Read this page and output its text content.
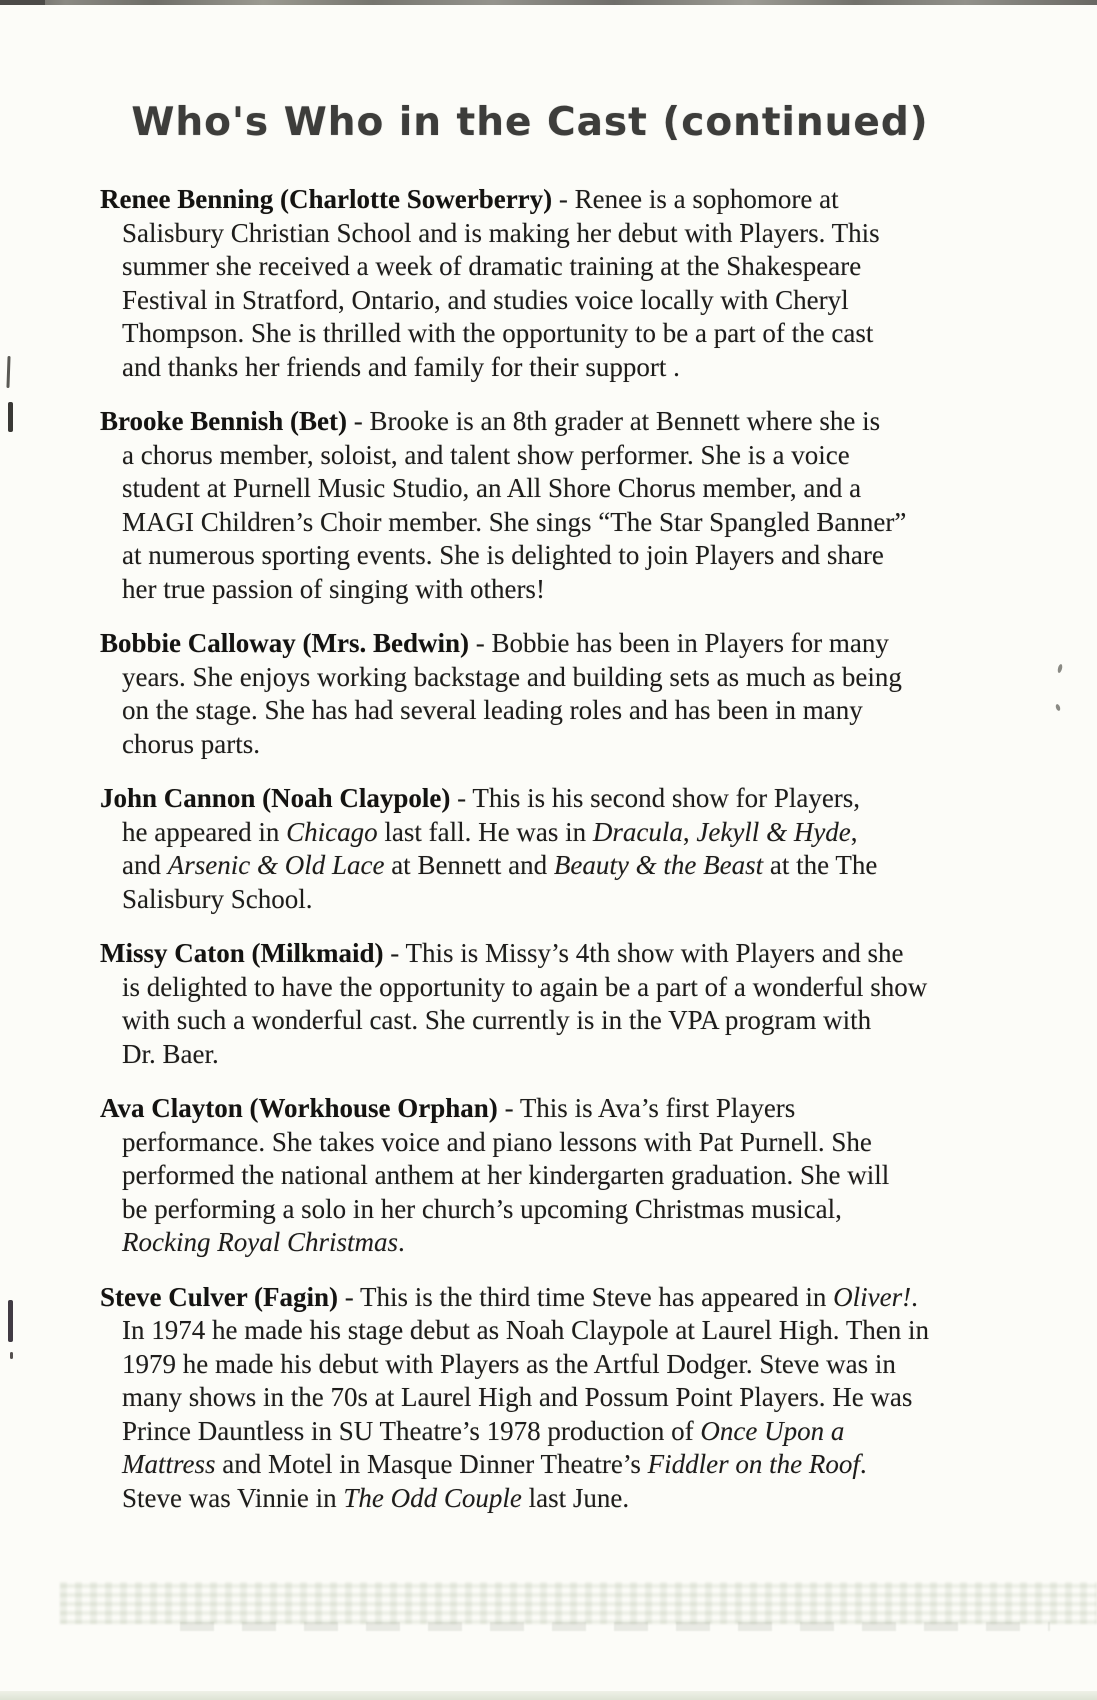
Who's Who in the Cast (continued)

Renee Benning (Charlotte Sowerberry) - Renee is a sophomore at
Salisbury Christian School and is making her debut with Players. This
summer she received a week of dramatic training at the Shakespeare
Festival in Stratford, Ontario, and studies voice locally with Cheryl
Thompson. She is thrilled with the opportunity to be a part of the cast
and thanks her friends and family for their support .

Brooke Bennish (Bet) - Brooke is an 8th grader at Bennett where she is
a chorus member, soloist, and talent show performer. She is a voice
student at Purnell Music Studio, an All Shore Chorus member, and a
MAGI Children’s Choir member. She sings “The Star Spangled Banner”
at numerous sporting events. She is delighted to join Players and share
her true passion of singing with others!

Bobbie Calloway (Mrs. Bedwin) - Bobbie has been in Players for many
years. She enjoys working backstage and building sets as much as being
on the stage. She has had several leading roles and has been in many
chorus parts.

John Cannon (Noah Claypole) - This is his second show for Players,
he appeared in Chicago last fall. He was in Dracula, Jekyll & Hyde,
and Arsenic & Old Lace at Bennett and Beauty & the Beast at the The
Salisbury School.

Missy Caton (Milkmaid) - This is Missy’s 4th show with Players and she
is delighted to have the opportunity to again be a part of a wonderful show
with such a wonderful cast. She currently is in the VPA program with
Dr. Baer.

Ava Clayton (Workhouse Orphan) - This is Ava’s first Players
performance. She takes voice and piano lessons with Pat Purnell. She
performed the national anthem at her kindergarten graduation. She will
be performing a solo in her church’s upcoming Christmas musical,
Rocking Royal Christmas.

Steve Culver (Fagin) - This is the third time Steve has appeared in Oliver!.
In 1974 he made his stage debut as Noah Claypole at Laurel High. Then in
1979 he made his debut with Players as the Artful Dodger. Steve was in
many shows in the 70s at Laurel High and Possum Point Players. He was
Prince Dauntless in SU Theatre’s 1978 production of Once Upon a
Mattress and Motel in Masque Dinner Theatre’s Fiddler on the Roof.
Steve was Vinnie in The Odd Couple last June.
